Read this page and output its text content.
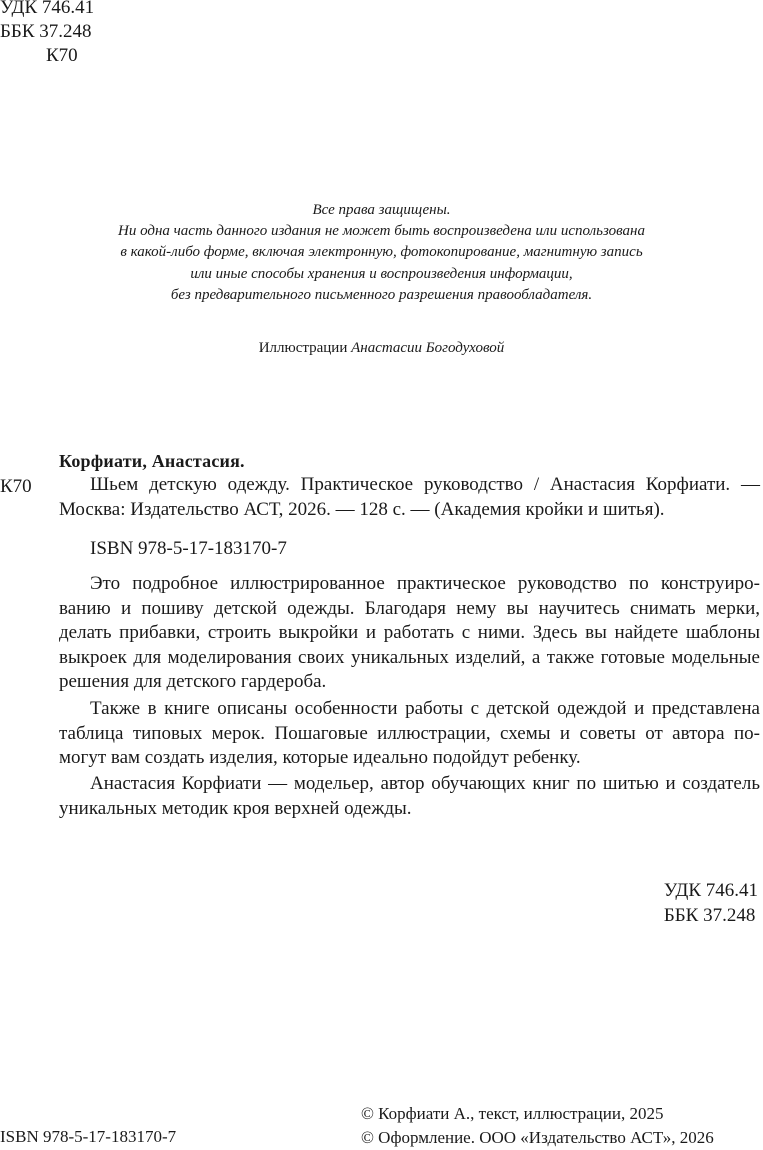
УДК 746.41
ББК 37.248
К70
Все права защищены.
Ни одна часть данного издания не может быть воспроизведена или использована
в какой-либо форме, включая электронную, фотокопирование, магнитную запись
или иные способы хранения и воспроизведения информации,
без предварительного письменного разрешения правообладателя.
Иллюстрации Анастасии Богодуховой
Корфиати, Анастасия.
К70	Шьем детскую одежду. Практическое руководство / Анастасия Корфиати. —
Москва: Издательство АСТ, 2026. — 128 с. — (Академия кройки и шитья).
ISBN 978-5-17-183170-7
Это подробное иллюстрированное практическое руководство по конструиро-
ванию и пошиву детской одежды. Благодаря нему вы научитесь снимать мерки,
делать прибавки, строить выкройки и работать с ними. Здесь вы найдете шаблоны
выкроек для моделирования своих уникальных изделий, а также готовые модельные
решения для детского гардероба.
Также в книге описаны особенности работы с детской одеждой и представлена
таблица типовых мерок. Пошаговые иллюстрации, схемы и советы от автора по-
могут вам создать изделия, которые идеально подойдут ребенку.
Анастасия Корфиати — модельер, автор обучающих книг по шитью и создатель
уникальных методик кроя верхней одежды.
УДК 746.41
ББК 37.248
ISBN 978-5-17-183170-7
© Корфиати А., текст, иллюстрации, 2025
© Оформление. ООО «Издательство АСТ», 2026
